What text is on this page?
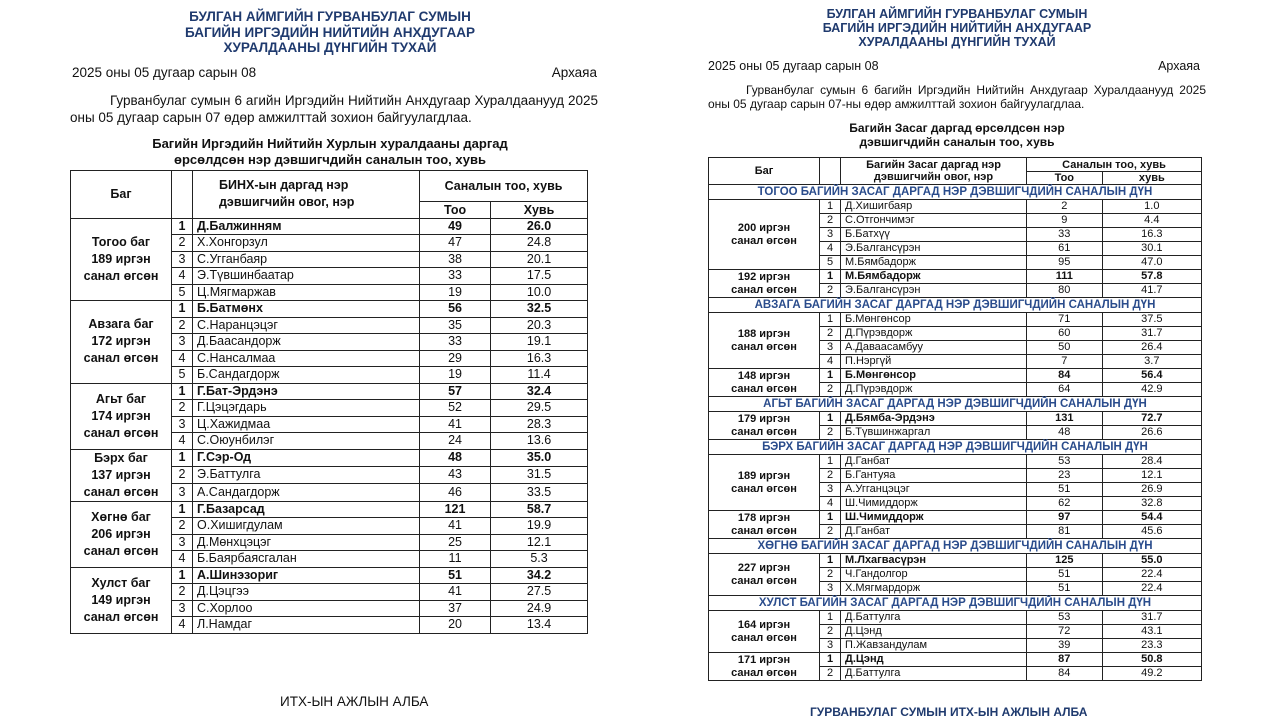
БУЛГАН АЙМГИЙН ГУРВАНБУЛАГ СУМЫН
БАГИЙН ИРГЭДИЙН НИЙТИЙН АНХДУГААР
ХУРАЛДААНЫ ДҮНГИЙН ТУХАЙ
2025 оны 05 дугаар сарын 08	Архаяа
Гурванбулаг сумын 6 агийн Иргэдийн Нийтийн Анхдугаар Хуралдаанууд 2025 оны 05 дугаар сарын 07 өдөр амжилттай зохион байгуулагдлаа.
Багийн Иргэдийн Нийтийн Хурлын хуралдааны даргад
өрсөлдсөн нэр дэвшигчдийн саналын тоо, хувь
Баг		БИНХ-ын даргад нэр дэвшигчийн овог, нэр	Саналын тоо, хувь	
			Тоо	Хувь

Тогоо баг
189 иргэн
санал өгсөн	1	Д.Балжинням	49	26.0
	2	Х.Хонгорзул	47	24.8
	3	С.Угганбаяр	38	20.1
	4	Э.Түвшинбаатар	33	17.5
	5	Ц.Мягмаржав	19	10.0

Авзага баг
172 иргэн
санал өгсөн	1	Б.Батмөнх	56	32.5
	2	С.Наранцэцэг	35	20.3
	3	Д.Баасандорж	33	19.1
	4	С.Нансалмаа	29	16.3
	5	Б.Сандагдорж	19	11.4

Агьт баг
174 иргэн
санал өгсөн	1	Г.Бат-Эрдэнэ	57	32.4
	2	Г.Цэцэгдарь	52	29.5
	3	Ц.Хажидмаа	41	28.3
	4	С.Оюунбилэг	24	13.6

Бэрх баг
137 иргэн
санал өгсөн	1	Г.Сэр-Од	48	35.0
	2	Э.Баттулга	43	31.5
	3	А.Сандагдорж	46	33.5

Хөгнө баг
206 иргэн
санал өгсөн	1	Г.Базарсад	121	58.7
	2	О.Хишигдулам	41	19.9
	3	Д.Мөнхцэцэг	25	12.1
	4	Б.Баярбаясгалан	11	5.3

Хулст баг
149 иргэн
санал өгсөн	1	А.Шинэзориг	51	34.2
	2	Д.Цэцгээ	41	27.5
	3	С.Хорлоо	37	24.9
	4	Л.Намдаг	20	13.4
ИТХ-ЫН АЖЛЫН АЛБА
БУЛГАН АЙМГИЙН ГУРВАНБУЛАГ СУМЫН
БАГИЙН ИРГЭДИЙН НИЙТИЙН АНХДУГААР
ХУРАЛДААНЫ ДҮНГИЙН ТУХАЙ
2025 оны 05 дугаар сарын 08	Архаяа
Гурванбулаг сумын 6 багийн Иргэдийн Нийтийн Анхдугаар Хуралдаанууд 2025 оны 05 дугаар сарын 07-ны өдөр амжилттай зохион байгуулагдлаа.
Багийн Засаг даргад өрсөлдсөн нэр
дэвшигчдийн саналын тоо, хувь
Баг		Багийн Засаг даргад нэр дэвшигчийн овог, нэр	Саналын тоо, хувь	
			Тоо	хувь
ТОГОО БАГИЙН ЗАСАГ ДАРГАД НЭР ДЭВШИГЧДИЙН САНАЛЫН ДҮН				

200 иргэн
санал өгсөн	1	Д.Хишигбаяр	2	1.0
	2	С.Отгончимэг	9	4.4
	3	Б.Батхүү	33	16.3
	4	Э.Балгансүрэн	61	30.1
	5	М.Бямбадорж	95	47.0

192 иргэн
санал өгсөн	1	М.Бямбадорж	111	57.8
	2	Э.Балгансүрэн	80	41.7
АВЗАГА БАГИЙН ЗАСАГ ДАРГАД НЭР ДЭВШИГЧДИЙН САНАЛЫН ДҮН				

188 иргэн
санал өгсөн	1	Б.Мөнгөнсор	71	37.5
	2	Д.Пүрэвдорж	60	31.7
	3	А.Даваасамбуу	50	26.4
	4	П.Нэргүй	7	3.7

148 иргэн
санал өгсөн	1	Б.Мөнгөнсор	84	56.4
	2	Д.Пүрэвдорж	64	42.9
АГЬТ БАГИЙН ЗАСАГ ДАРГАД НЭР ДЭВШИГЧДИЙН САНАЛЫН ДҮН				

179 иргэн
санал өгсөн	1	Д.Бямба-Эрдэнэ	131	72.7
	2	Б.Түвшинжаргал	48	26.6
БЭРХ БАГИЙН ЗАСАГ ДАРГАД НЭР ДЭВШИГЧДИЙН САНАЛЫН ДҮН				

189 иргэн
санал өгсөн	1	Д.Ганбат	53	28.4
	2	Б.Гантуяа	23	12.1
	3	А.Угганцэцэг	51	26.9
	4	Ш.Чимиддорж	62	32.8

178 иргэн
санал өгсөн	1	Ш.Чимиддорж	97	54.4
	2	Д.Ганбат	81	45.6
ХӨГНӨ БАГИЙН ЗАСАГ ДАРГАД НЭР ДЭВШИГЧДИЙН САНАЛЫН ДҮН				

227 иргэн
санал өгсөн	1	М.Лхагвасүрэн	125	55.0
	2	Ч.Гандолгор	51	22.4
	3	Х.Мягмардорж	51	22.4
ХУЛСТ БАГИЙН ЗАСАГ ДАРГАД НЭР ДЭВШИГЧДИЙН САНАЛЫН ДҮН				

164 иргэн
санал өгсөн	1	Д.Баттулга	53	31.7
	2	Д.Цэнд	72	43.1
	3	П.Жавзандулам	39	23.3

171 иргэн
санал өгсөн	1	Д.Цэнд	87	50.8
	2	Д.Баттулга	84	49.2
ГУРВАНБУЛАГ СУМЫН ИТХ-ЫН АЖЛЫН АЛБА
